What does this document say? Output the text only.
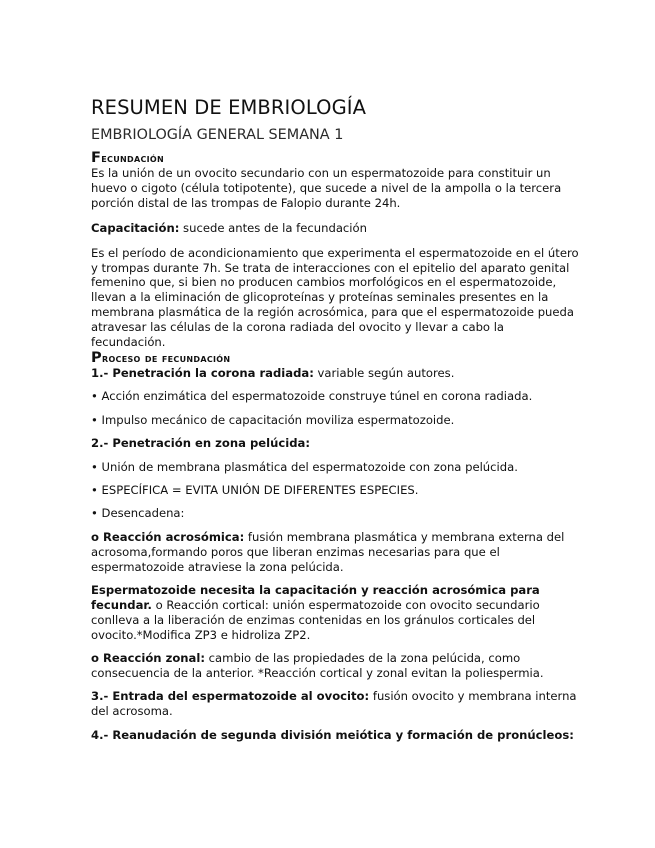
RESUMEN DE EMBRIOLOGÍA
EMBRIOLOGÍA GENERAL SEMANA 1
Fecundación

Es la unión de un ovocito secundario con un espermatozoide para constituir un huevo o cigoto (célula totipotente), que sucede a nivel de la ampolla o la tercera porción distal de las trompas de Falopio durante 24h.

Capacitación: sucede antes de la fecundación

Es el período de acondicionamiento que experimenta el espermatozoide en el útero y trompas durante 7h. Se trata de interacciones con el epitelio del aparato genital femenino que, si bien no producen cambios morfológicos en el espermatozoide, llevan a la eliminación de glicoproteínas y proteínas seminales presentes en la membrana plasmática de la región acrosómica, para que el espermatozoide pueda atravesar las células de la corona radiada del ovocito y llevar a cabo la fecundación.

Proceso de fecundación

1.- Penetración la corona radiada: variable según autores.

• Acción enzimática del espermatozoide construye túnel en corona radiada.

• Impulso mecánico de capacitación moviliza espermatozoide.

2.- Penetración en zona pelúcida:

• Unión de membrana plasmática del espermatozoide con zona pelúcida.

• ESPECÍFICA = EVITA UNIÓN DE DIFERENTES ESPECIES.

• Desencadena:

o Reacción acrosómica: fusión membrana plasmática y membrana externa del acrosoma,formando poros que liberan enzimas necesarias para que el espermatozoide atraviese la zona pelúcida.

Espermatozoide necesita la capacitación y reacción acrosómica para fecundar. o Reacción cortical: unión espermatozoide con ovocito secundario conlleva a la liberación de enzimas contenidas en los gránulos corticales del ovocito.*Modifica ZP3 e hidroliza ZP2.

o Reacción zonal: cambio de las propiedades de la zona pelúcida, como consecuencia de la anterior. *Reacción cortical y zonal evitan la poliespermia.

3.- Entrada del espermatozoide al ovocito: fusión ovocito y membrana interna del acrosoma.

4.- Reanudación de segunda división meiótica y formación de pronúcleos:
